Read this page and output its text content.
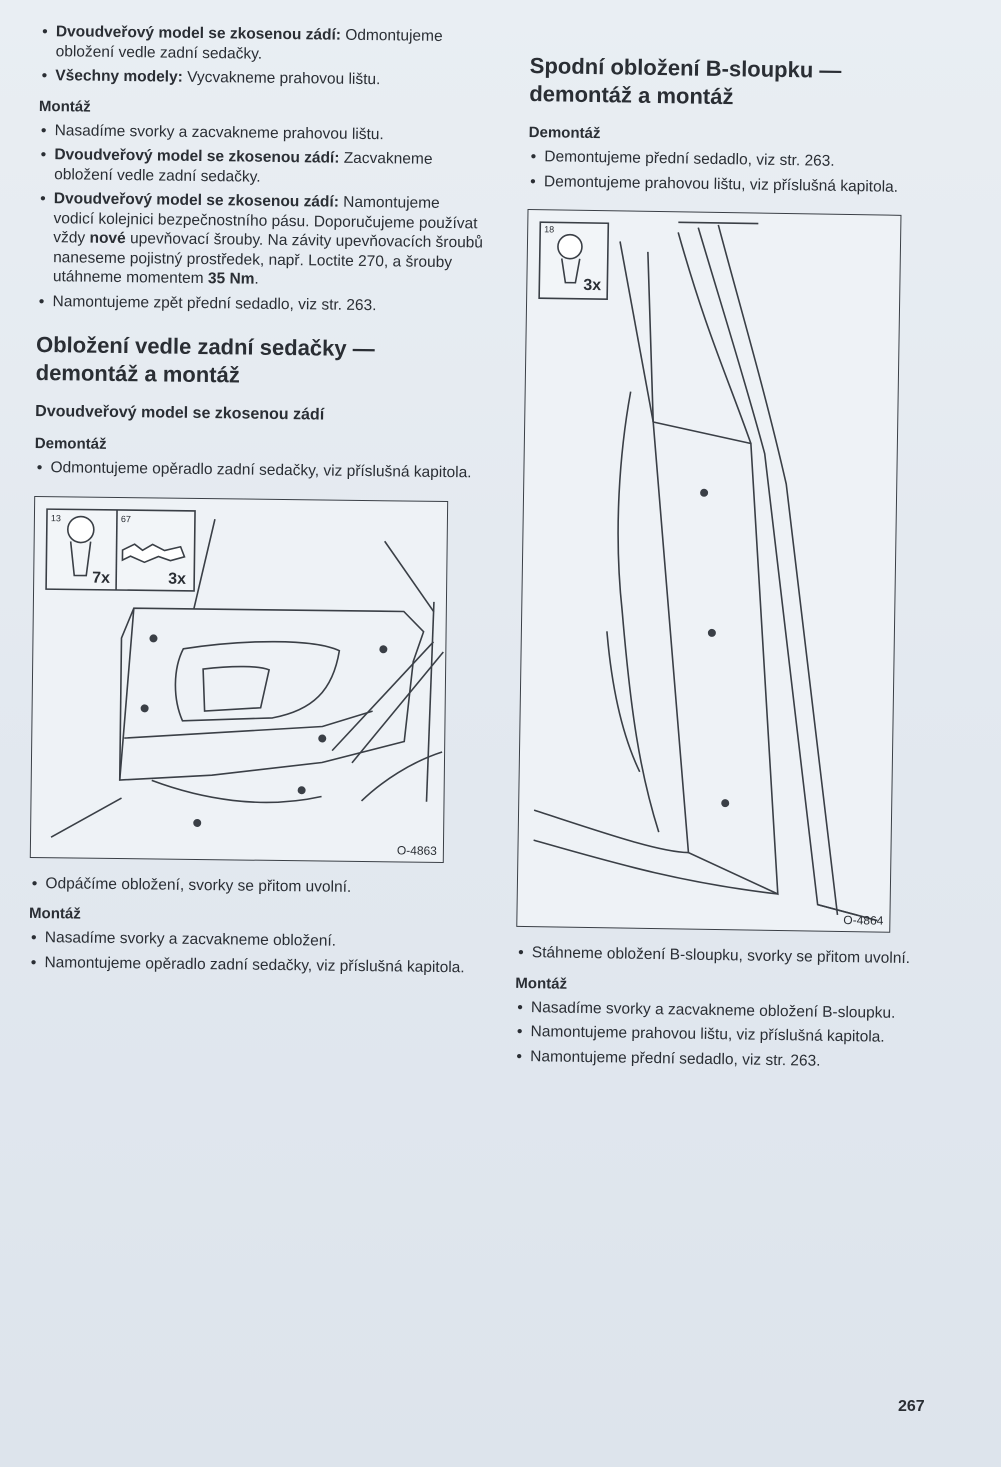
● Dvoudveřový model se zkosenou zádí: Odmontujeme obložení vedle zadní sedačky.

● Všechny modely: Vycvakneme prahovou lištu.

Montáž

● Nasadíme svorky a zacvakneme prahovou lištu.

● Dvoudveřový model se zkosenou zádí: Zacvakneme obložení vedle zadní sedačky.

● Dvoudveřový model se zkosenou zádí: Namontujeme vodicí kolejnici bezpečnostního pásu. Doporučujeme používat vždy nové upevňovací šrouby. Na závity upevňovacích šroubů naneseme pojistný prostředek, např. Loctite 270, a šrouby utáhneme momentem 35 Nm.

● Namontujeme zpět přední sedadlo, viz str. 263.

Obložení vedle zadní sedačky — demontáž a montáž
Dvoudveřový model se zkosenou zádí
Demontáž

● Odmontujeme opěradlo zadní sedačky, viz příslušná kapitola.

13
7x
67
3x
O-4863

● Odpáčíme obložení, svorky se přitom uvolní.

Montáž

● Nasadíme svorky a zacvakneme obložení.

● Namontujeme opěradlo zadní sedačky, viz příslušná kapitola.

Spodní obložení B-sloupku — demontáž a montáž
Demontáž

● Demontujeme přední sedadlo, viz str. 263.

● Demontujeme prahovou lištu, viz příslušná kapitola.

18
3x
O-4864

● Stáhneme obložení B-sloupku, svorky se přitom uvolní.

Montáž

● Nasadíme svorky a zacvakneme obložení B-sloupku.

● Namontujeme prahovou lištu, viz příslušná kapitola.

● Namontujeme přední sedadlo, viz str. 263.

267
